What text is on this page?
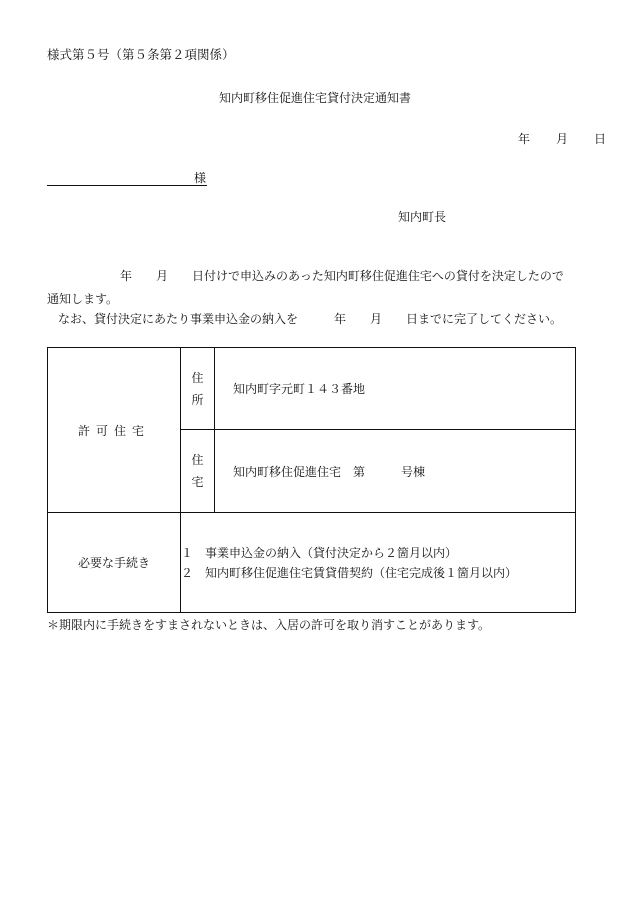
様式第５号（第５条第２項関係）
知内町移住促進住宅貸付決定通知書
年 月 日
様
知内町長
年　　月　　日付けで申込みのあった知内町移住促進住宅への貸付を決定したので
通知します。
なお、貸付決定にあたり事業申込金の納入を　　　年　　月　　日までに完了してください。
許可住宅	住所	知内町字元町１４３番地
	住宅	知内町移住促進住宅　第　　　号棟
必要な手続き	１　事業申込金の納入（貸付決定から２箇月以内）
２　知内町移住促進住宅賃貸借契約（住宅完成後１箇月以内）	
＊期限内に手続きをすまされないときは、入居の許可を取り消すことがあります。
